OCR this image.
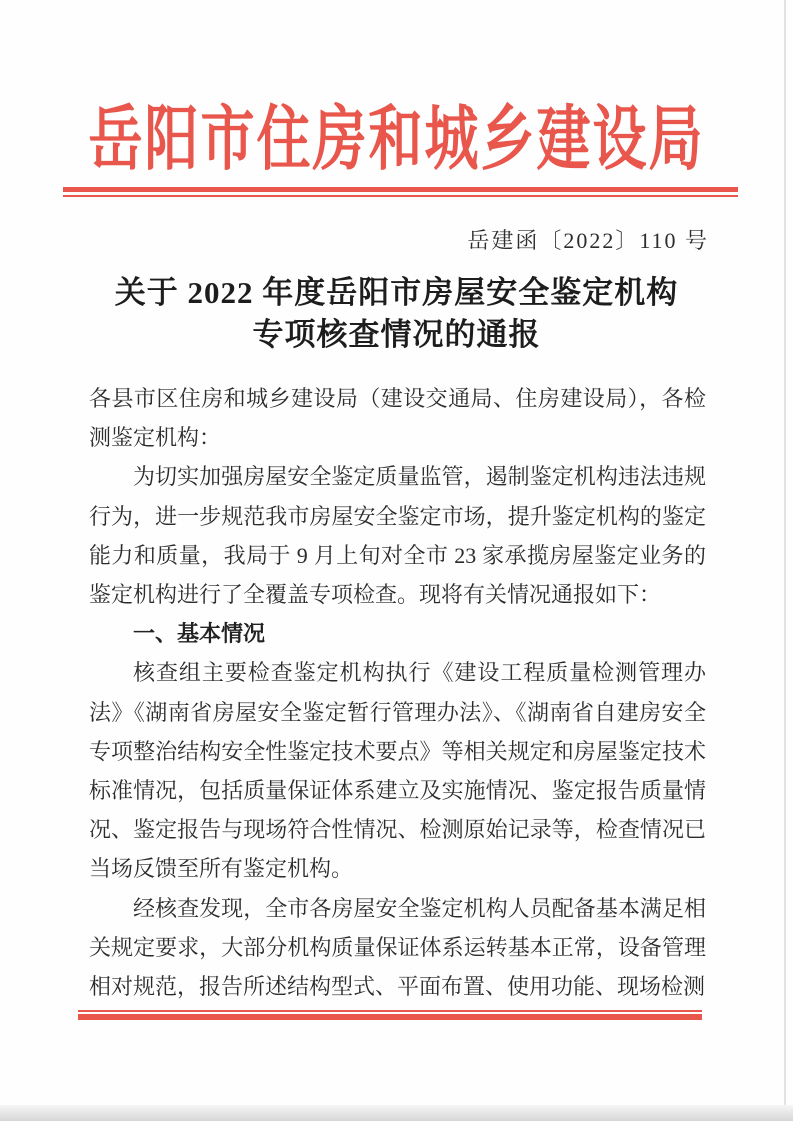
岳阳市住房和城乡建设局
岳建函〔2022〕110 号
关于 2022 年度岳阳市房屋安全鉴定机构
专项核查情况的通报

各县市区住房和城乡建设局（建设交通局、住房建设局），各检测鉴定机构：

为切实加强房屋安全鉴定质量监管，遏制鉴定机构违法违规行为，进一步规范我市房屋安全鉴定市场，提升鉴定机构的鉴定能力和质量，我局于 9 月上旬对全市 23 家承揽房屋鉴定业务的鉴定机构进行了全覆盖专项检查。现将有关情况通报如下：

一、基本情况

核查组主要检查鉴定机构执行《建设工程质量检测管理办法》《湖南省房屋安全鉴定暂行管理办法》、《湖南省自建房安全专项整治结构安全性鉴定技术要点》等相关规定和房屋鉴定技术标准情况，包括质量保证体系建立及实施情况、鉴定报告质量情况、鉴定报告与现场符合性情况、检测原始记录等，检查情况已当场反馈至所有鉴定机构。

经核查发现，全市各房屋安全鉴定机构人员配备基本满足相关规定要求，大部分机构质量保证体系运转基本正常，设备管理相对规范，报告所述结构型式、平面布置、使用功能、现场检测
